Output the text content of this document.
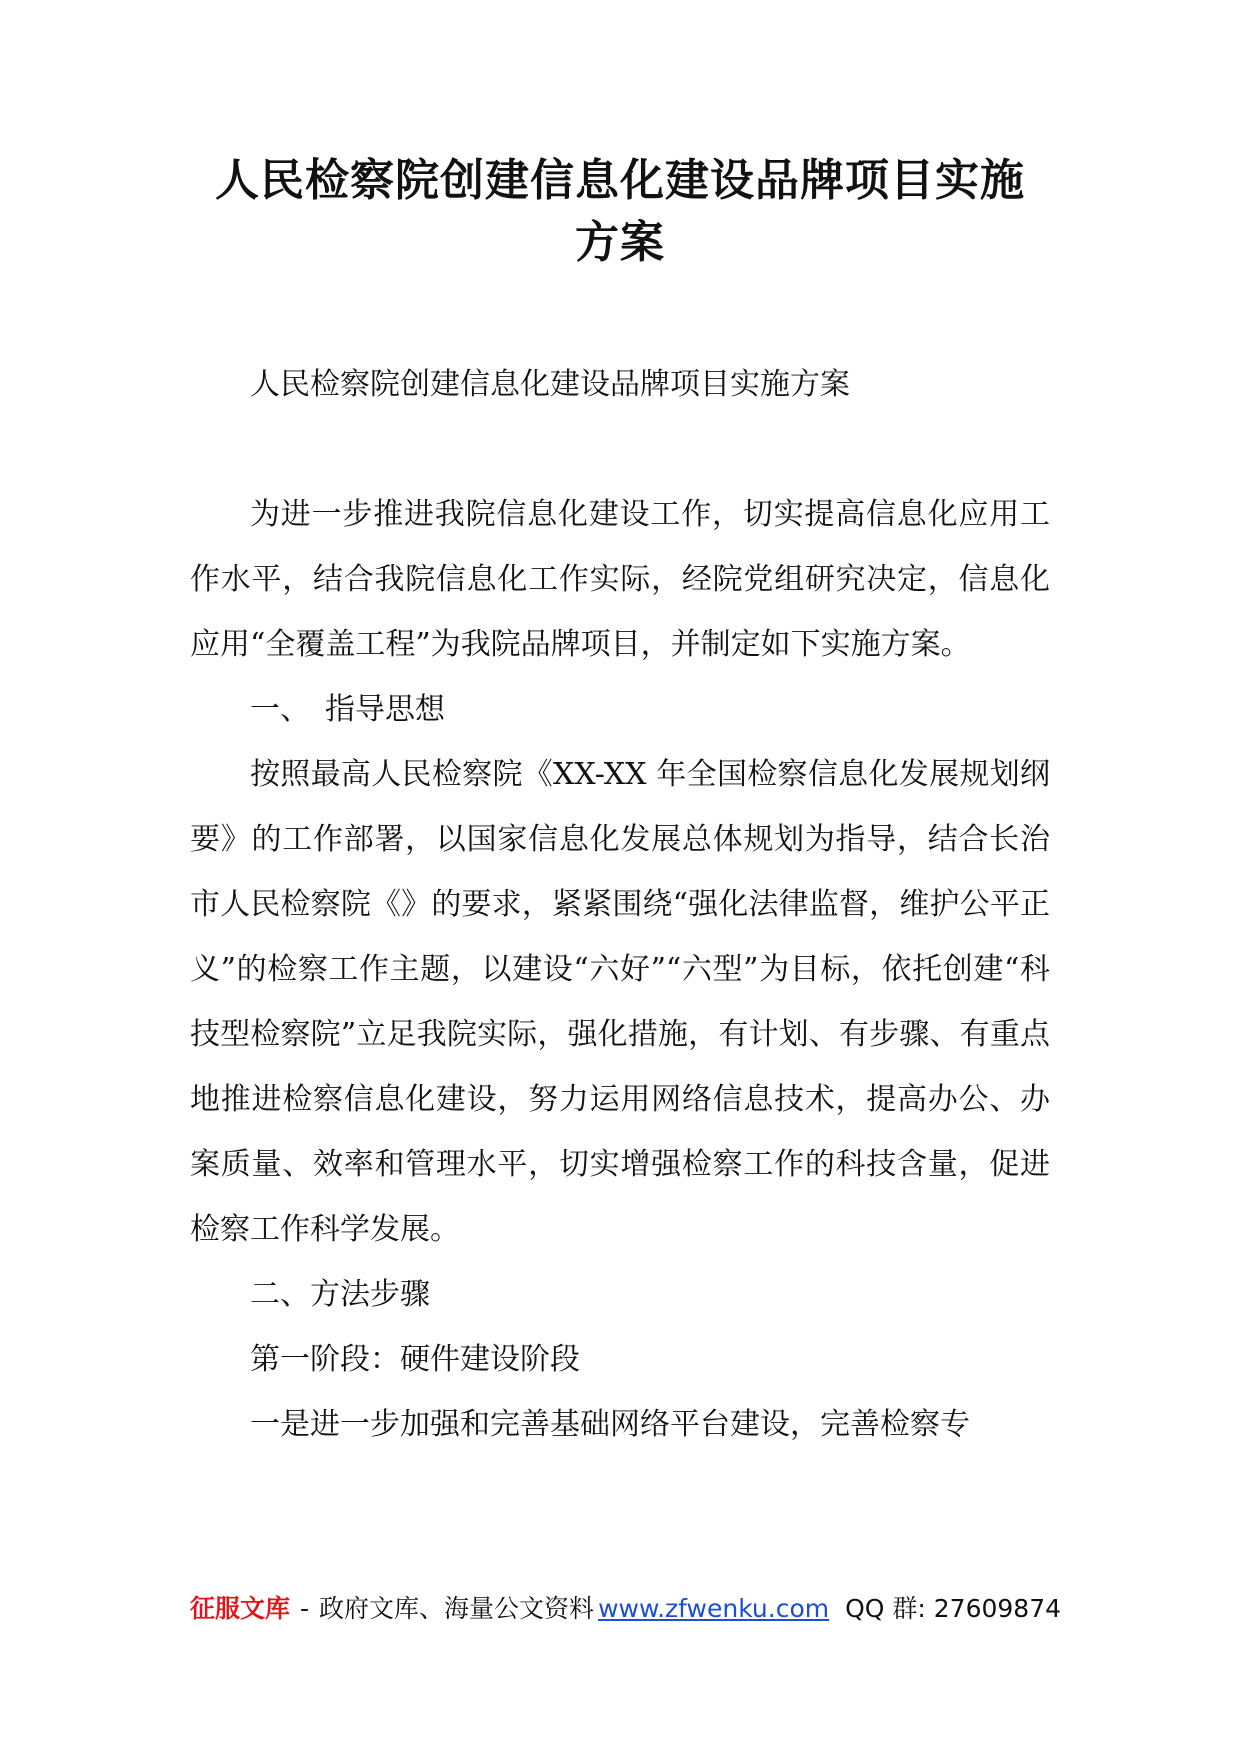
人民检察院创建信息化建设品牌项目实施
方案

人民检察院创建信息化建设品牌项目实施方案

为进一步推进我院信息化建设工作，切实提高信息化应用工作水平，结合我院信息化工作实际，经院党组研究决定，信息化应用“全覆盖工程”为我院品牌项目，并制定如下实施方案。

一、　指导思想

按照最高人民检察院《XX-XX 年全国检察信息化发展规划纲要》的工作部署，以国家信息化发展总体规划为指导，结合长治市人民检察院《》的要求，紧紧围绕“强化法律监督，维护公平正义”的检察工作主题，以建设“六好”“六型”为目标，依托创建“科技型检察院”立足我院实际，强化措施，有计划、有步骤、有重点地推进检察信息化建设，努力运用网络信息技术，提高办公、办案质量、效率和管理水平，切实增强检察工作的科技含量，促进检察工作科学发展。

二、方法步骤

第一阶段：硬件建设阶段

一是进一步加强和完善基础网络平台建设，完善检察专

征服文库 - 政府文库、海量公文资料 www.zfwenku.com QQ 群: 27609874
